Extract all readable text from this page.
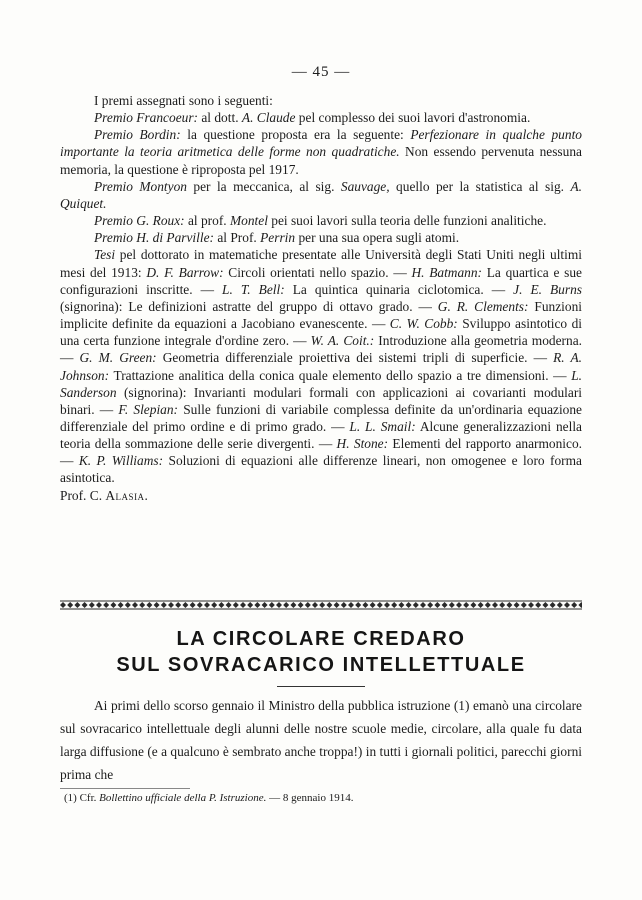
— 45 —

I premi assegnati sono i seguenti:

Premio Francoeur: al dott. A. Claude pel complesso dei suoi lavori d'astronomia.

Premio Bordin: la questione proposta era la seguente: Perfezionare in qualche punto importante la teoria aritmetica delle forme non quadratiche. Non essendo pervenuta nessuna memoria, la questione è riproposta pel 1917.

Premio Montyon per la meccanica, al sig. Sauvage, quello per la statistica al sig. A. Quiquet.

Premio G. Roux: al prof. Montel pei suoi lavori sulla teoria delle funzioni analitiche.

Premio H. di Parville: al Prof. Perrin per una sua opera sugli atomi.

Tesi pel dottorato in matematiche presentate alle Università degli Stati Uniti negli ultimi mesi del 1913: D. F. Barrow: Circoli orientati nello spazio. — H. Batmann: La quartica e sue configurazioni inscritte. — L. T. Bell: La quintica quinaria ciclotomica. — J. E. Burns (signorina): Le definizioni astratte del gruppo di ottavo grado. — G. R. Clements: Funzioni implicite definite da equazioni a Jacobiano evanescente. — C. W. Cobb: Sviluppo asintotico di una certa funzione integrale d'ordine zero. — W. A. Coit.: Introduzione alla geometria moderna. — G. M. Green: Geometria differenziale proiettiva dei sistemi tripli di superficie. — R. A. Johnson: Trattazione analitica della conica quale elemento dello spazio a tre dimensioni. — L. Sanderson (signorina): Invarianti modulari formali con applicazioni ai covarianti modulari binari. — F. Slepian: Sulle funzioni di variabile complessa definite da un'ordinaria equazione differenziale del primo ordine e di primo grado. — L. L. Smail: Alcune generalizzazioni nella teoria della sommazione delle serie divergenti. — H. Stone: Elementi del rapporto anarmonico. — K. P. Williams: Soluzioni di equazioni alle differenze lineari, non omogenee e loro forma asintotica.

Prof. C. Alasia.

LA CIRCOLARE CREDARO
SUL SOVRACARICO INTELLETTUALE

Ai primi dello scorso gennaio il Ministro della pubblica istruzione (1) emanò una circolare sul sovracarico intellettuale degli alunni delle nostre scuole medie, circolare, alla quale fu data larga diffusione (e a qualcuno è sembrato anche troppa!) in tutti i giornali politici, parecchi giorni prima che

(1) Cfr. Bollettino ufficiale della P. Istruzione. — 8 gennaio 1914.
